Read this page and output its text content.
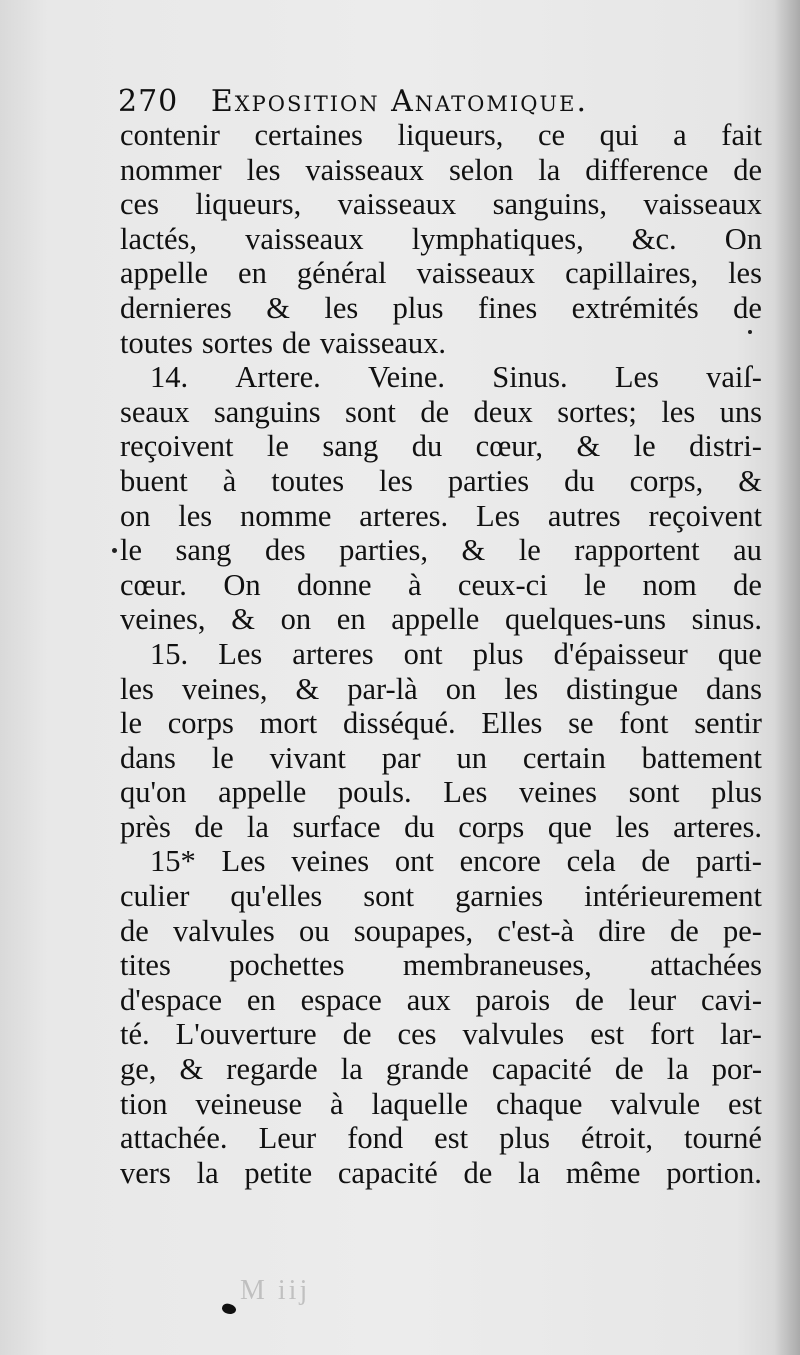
270 Exposition Anatomique.
contenir certaines liqueurs, ce qui a fait
nommer les vaisseaux selon la difference de
ces liqueurs, vaisseaux sanguins, vaisseaux
lactés, vaisseaux lymphatiques, &c. On
appelle en général vaisseaux capillaires, les
dernieres & les plus fines extrémités de
toutes sortes de vaisseaux.
14. Artere. Veine. Sinus. Les vaiſ-
seaux sanguins sont de deux sortes; les uns
reçoivent le sang du cœur, & le distri-
buent à toutes les parties du corps, &
on les nomme arteres. Les autres reçoivent
le sang des parties, & le rapportent au
cœur. On donne à ceux-ci le nom de
veines, & on en appelle quelques-uns sinus.
15. Les arteres ont plus d'épaisseur que
les veines, & par-là on les distingue dans
le corps mort disséqué. Elles se font sentir
dans le vivant par un certain battement
qu'on appelle pouls. Les veines sont plus
près de la surface du corps que les arteres.
15* Les veines ont encore cela de parti-
culier qu'elles sont garnies intérieurement
de valvules ou soupapes, c'est-à dire de pe-
tites pochettes membraneuses, attachées
d'espace en espace aux parois de leur cavi-
té. L'ouverture de ces valvules est fort lar-
ge, & regarde la grande capacité de la por-
tion veineuse à laquelle chaque valvule est
attachée. Leur fond est plus étroit, tourné
vers la petite capacité de la même portion.
M iij
